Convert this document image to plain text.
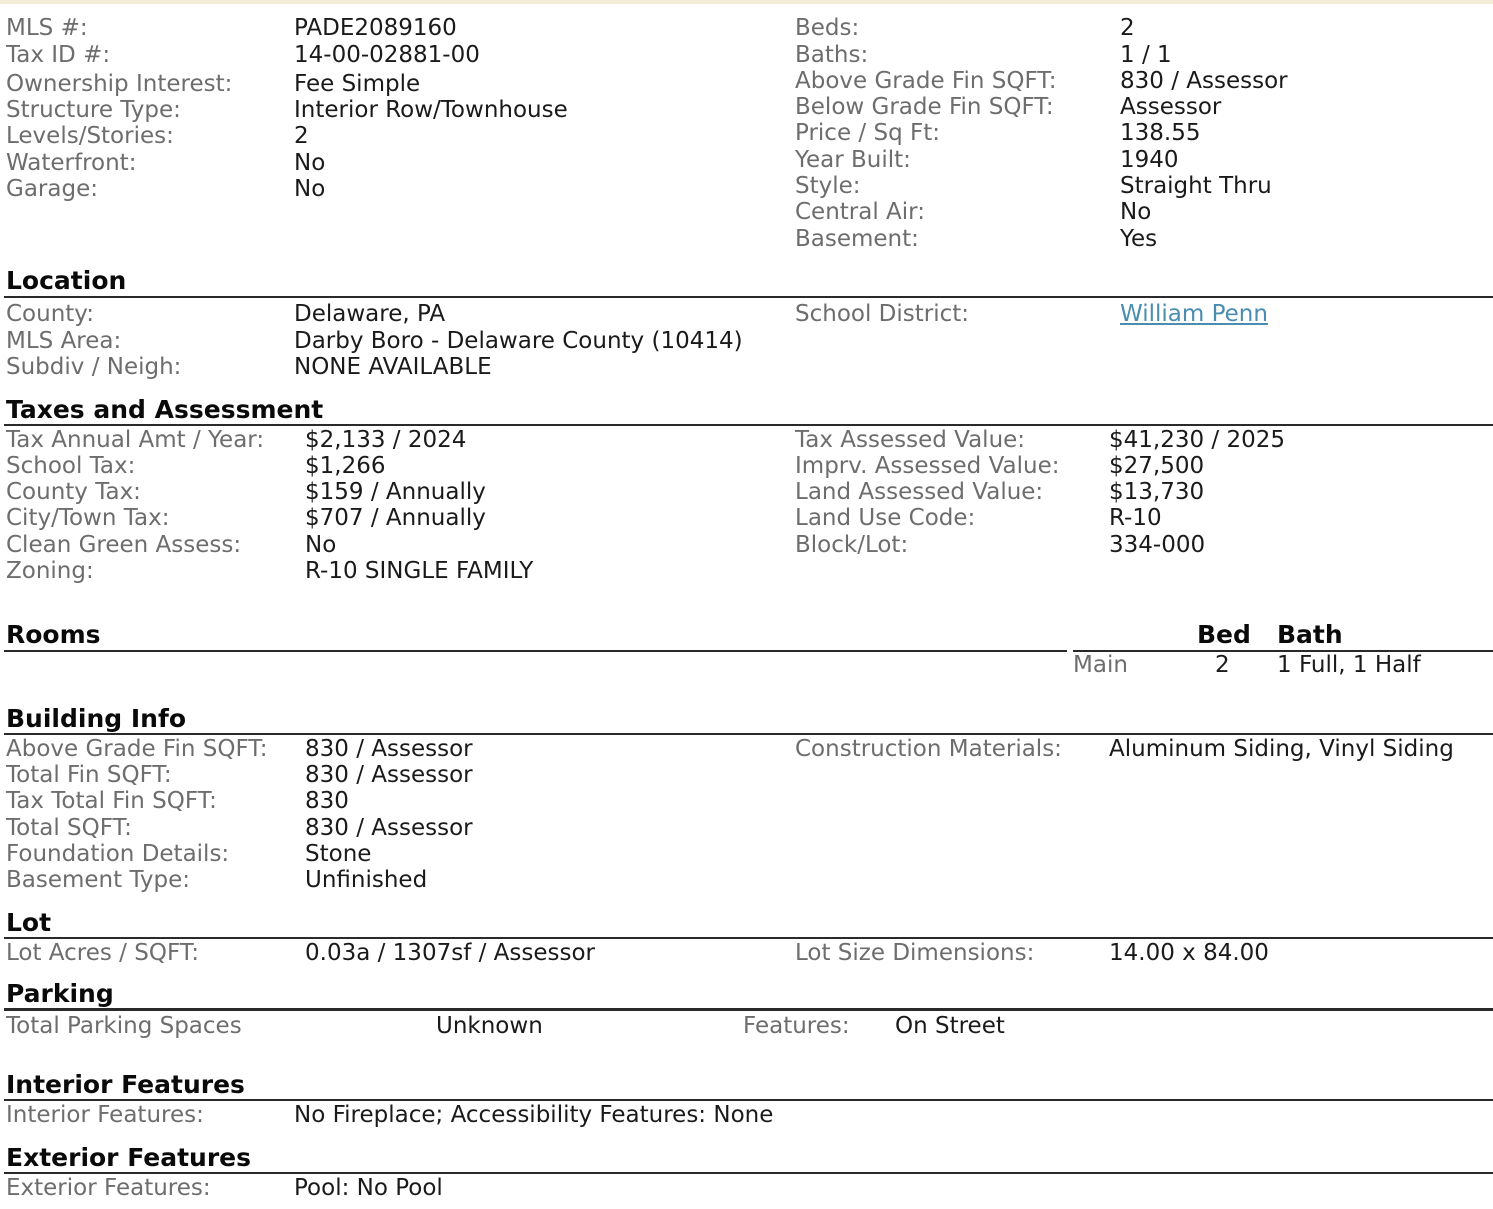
MLS #:	PADE2089160
Tax ID #:	14-00-02881-00
Ownership Interest:	Fee Simple
Structure Type:	Interior Row/Townhouse
Levels/Stories:	2
Waterfront:	No
Garage:	No
Beds:	2
Baths:	1 / 1
Above Grade Fin SQFT:	830 / Assessor
Below Grade Fin SQFT:	Assessor
Price / Sq Ft:	138.55
Year Built:	1940
Style:	Straight Thru
Central Air:	No
Basement:	Yes
Location
County:	Delaware, PA	School District:	William Penn
MLS Area:	Darby Boro - Delaware County (10414)
Subdiv / Neigh:	NONE AVAILABLE
Taxes and Assessment
Tax Annual Amt / Year: $2,133 / 2024	Tax Assessed Value:	$41,230 / 2025
School Tax:	$1,266	Imprv. Assessed Value: $27,500
County Tax:	$159 / Annually	Land Assessed Value:	$13,730
City/Town Tax:	$707 / Annually	Land Use Code:	R-10
Clean Green Assess:	No	Block/Lot:	334-000
Zoning:	R-10 SINGLE FAMILY
Rooms	Bed Bath
Main	2 1 Full, 1 Half
Building Info
Above Grade Fin SQFT: 830 / Assessor	Construction Materials: Aluminum Siding, Vinyl Siding
Total Fin SQFT:	830 / Assessor
Tax Total Fin SQFT:	830
Total SQFT:	830 / Assessor
Foundation Details:	Stone
Basement Type:	Unfinished
Lot
Lot Acres / SQFT:	0.03a / 1307sf / Assessor	Lot Size Dimensions:	14.00 x 84.00
Parking
Total Parking Spaces	Unknown	Features: On Street
Interior Features
Interior Features:	No Fireplace; Accessibility Features: None
Exterior Features
Exterior Features:	Pool: No Pool
